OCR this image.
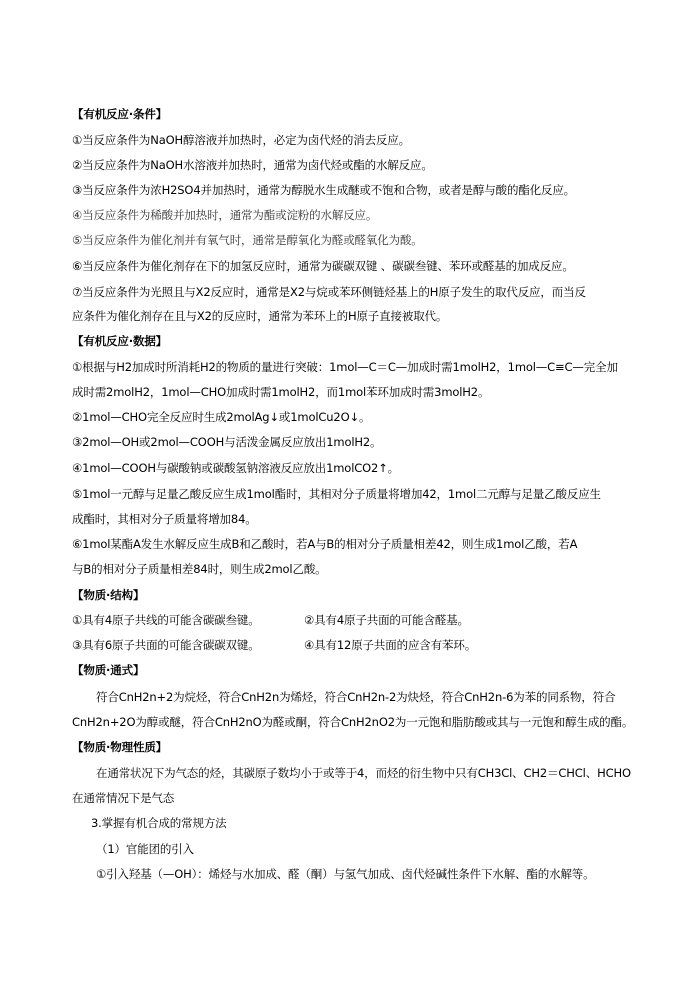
【有机反应·条件】
①当反应条件为NaOH醇溶液并加热时，必定为卤代烃的消去反应。
②当反应条件为NaOH水溶液并加热时，通常为卤代烃或酯的水解反应。
③当反应条件为浓H2SO4并加热时，通常为醇脱水生成醚或不饱和合物，或者是醇与酸的酯化反应。
④当反应条件为稀酸并加热时，通常为酯或淀粉的水解反应。
⑤当反应条件为催化剂并有氧气时，通常是醇氧化为醛或醛氧化为酸。
⑥当反应条件为催化剂存在下的加氢反应时，通常为碳碳双键 、碳碳叁键、苯环或醛基的加成反应。
⑦当反应条件为光照且与X2反应时，通常是X2与烷或苯环侧链烃基上的H原子发生的取代反应，而当反
应条件为催化剂存在且与X2的反应时，通常为苯环上的H原子直接被取代。
【有机反应·数据】
①根据与H2加成时所消耗H2的物质的量进行突破：1mol—C＝C—加成时需1molH2，1mol—C≡C—完全加
成时需2molH2，1mol—CHO加成时需1molH2，而1mol苯环加成时需3molH2。
②1mol—CHO完全反应时生成2molAg↓或1molCu2O↓。
③2mol—OH或2mol—COOH与活泼金属反应放出1molH2。
④1mol—COOH与碳酸钠或碳酸氢钠溶液反应放出1molCO2↑。
⑤1mol一元醇与足量乙酸反应生成1mol酯时，其相对分子质量将增加42，1mol二元醇与足量乙酸反应生
成酯时，其相对分子质量将增加84。
⑥1mol某酯A发生水解反应生成B和乙酸时，若A与B的相对分子质量相差42，则生成1mol乙酸，若A
与B的相对分子质量相差84时，则生成2mol乙酸。
【物质·结构】
①具有4原子共线的可能含碳碳叁键。	②具有4原子共面的可能含醛基。
③具有6原子共面的可能含碳碳双键。	④具有12原子共面的应含有苯环。
【物质·通式】
符合CnH2n+2为烷烃，符合CnH2n为烯烃，符合CnH2n-2为炔烃，符合CnH2n-6为苯的同系物，符合
CnH2n+2O为醇或醚，符合CnH2nO为醛或酮，符合CnH2nO2为一元饱和脂肪酸或其与一元饱和醇生成的酯。
【物质·物理性质】
在通常状况下为气态的烃，其碳原子数均小于或等于4，而烃的衍生物中只有CH3Cl、CH2＝CHCl、HCHO
在通常情况下是气态
3.掌握有机合成的常规方法
（1）官能团的引入
①引入羟基（—OH）：烯烃与水加成、醛（酮）与氢气加成、卤代烃碱性条件下水解、酯的水解等。
